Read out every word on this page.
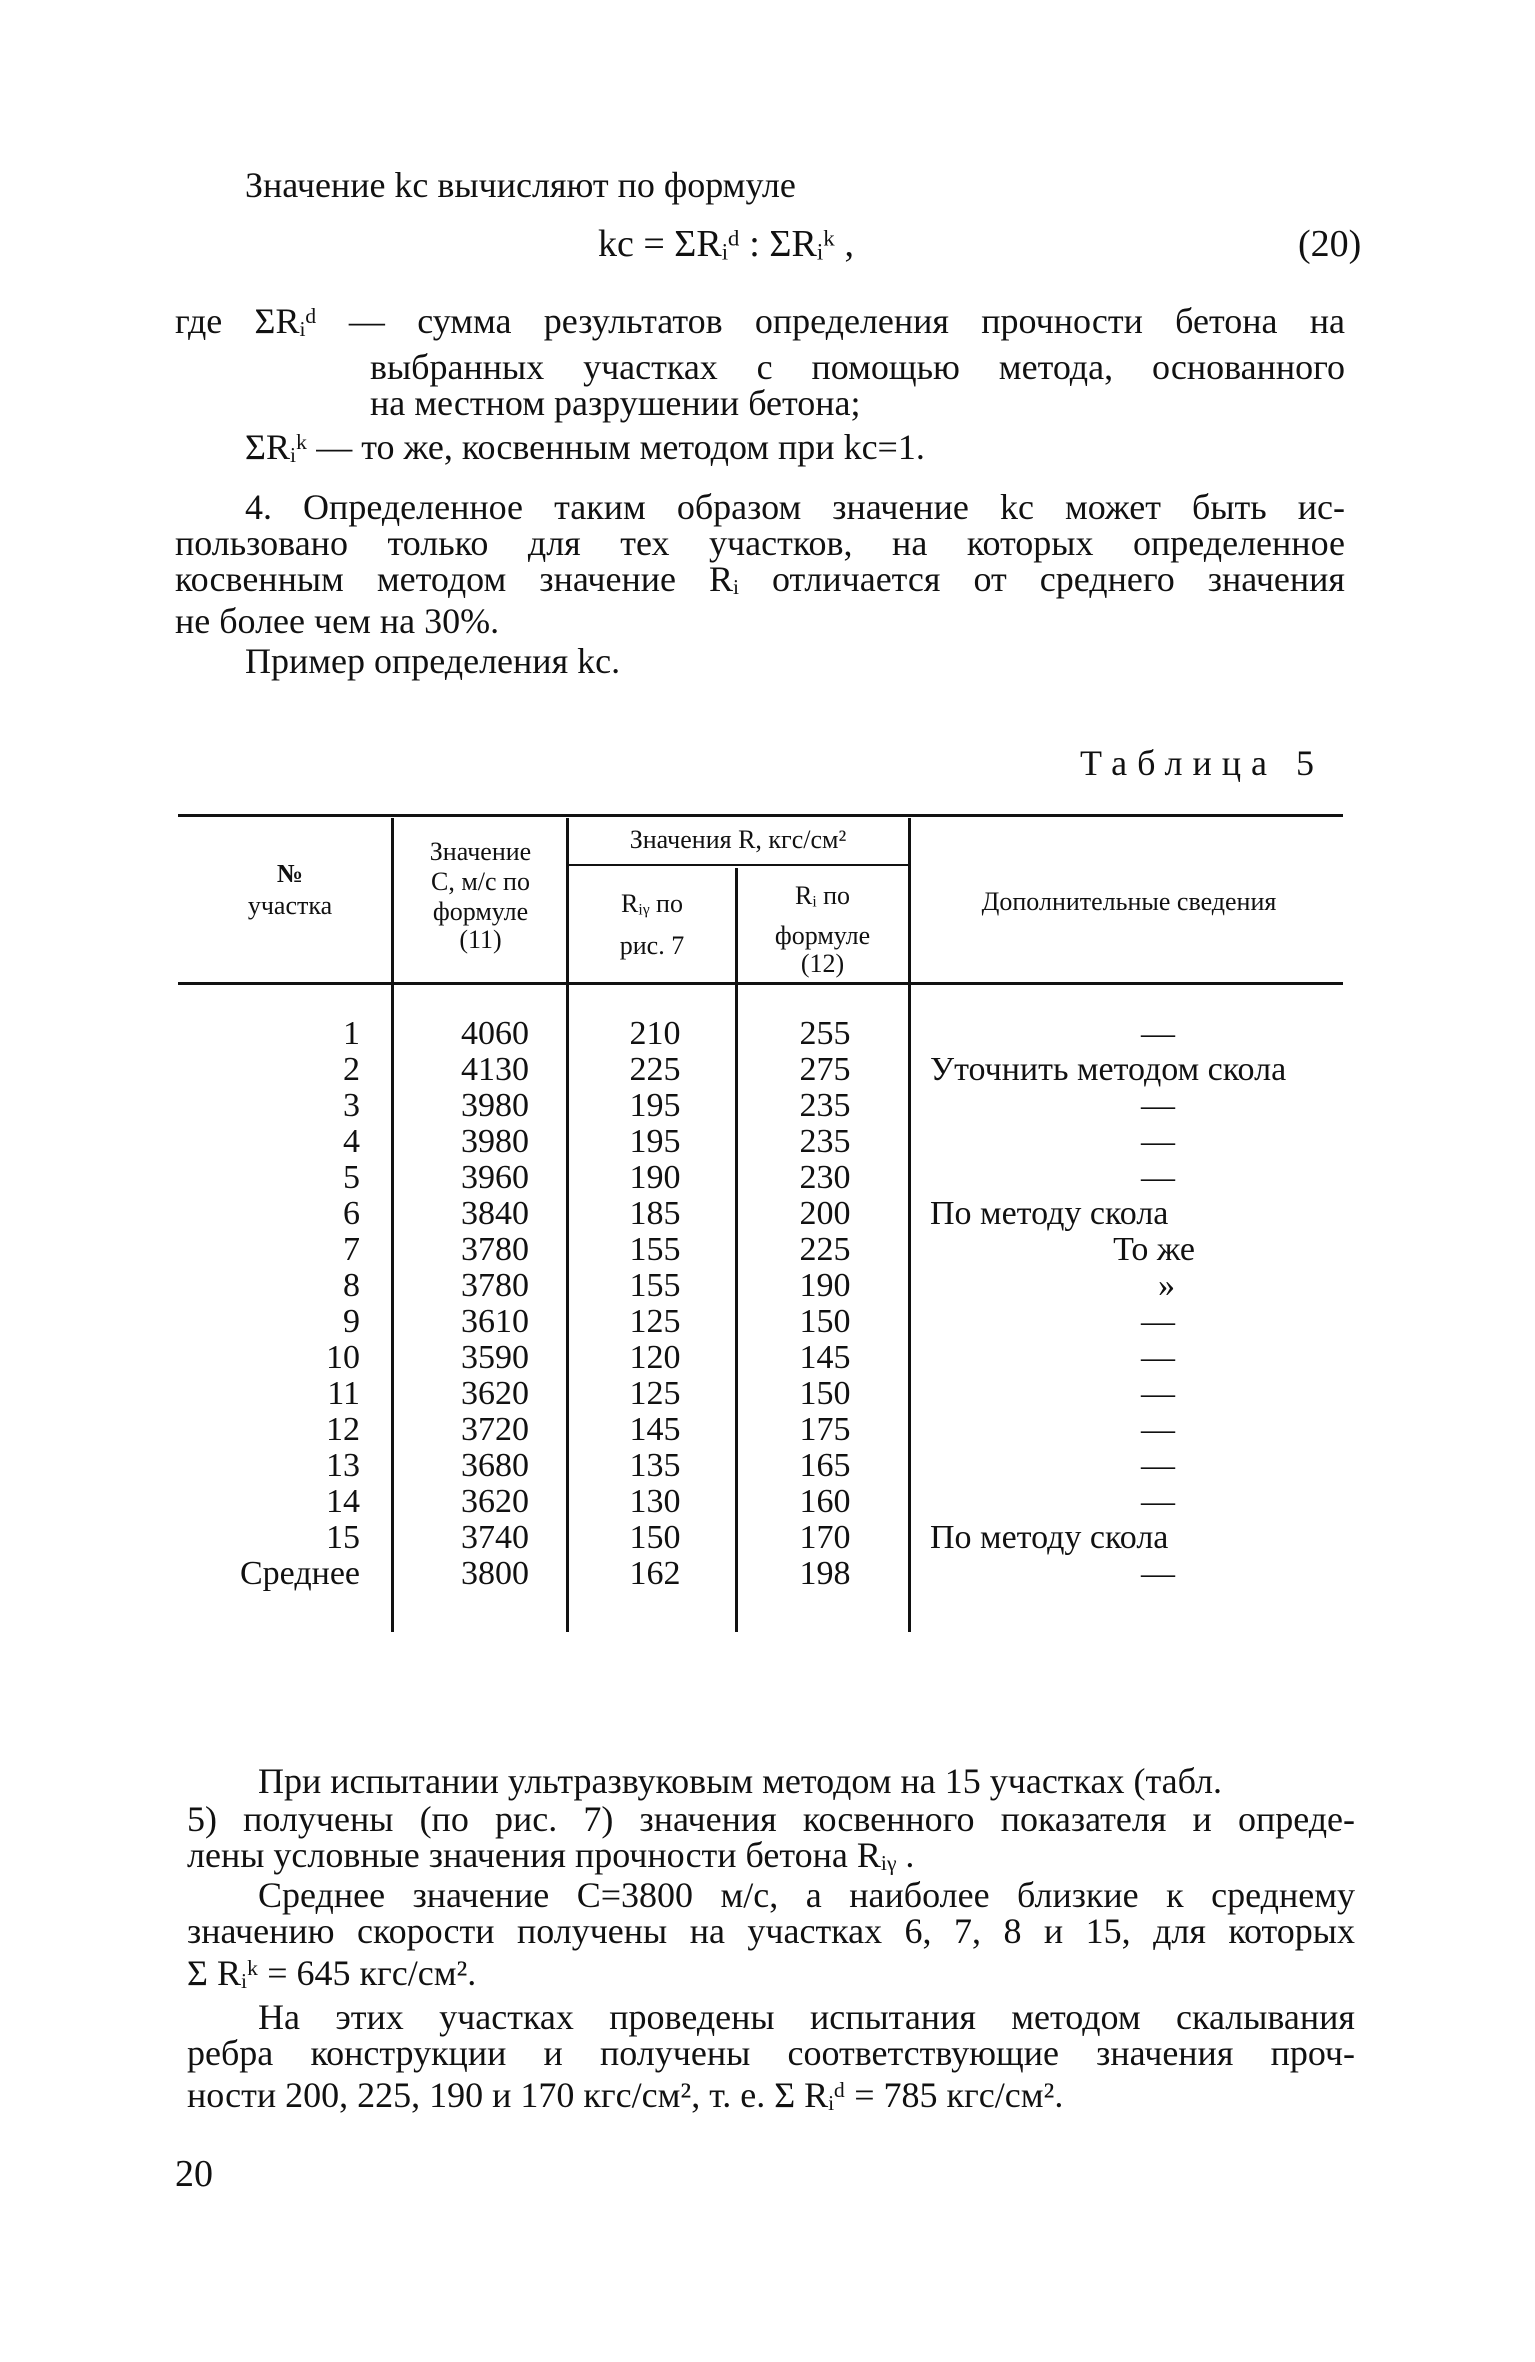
Значение kс вычисляют по формуле
kс = ΣRᵢᵈ : ΣRᵢᵏ ,	(20)
где ΣRᵢᵈ — сумма результатов определения прочности бетона на
выбранных участках с помощью метода, основанного
на местном разрушении бетона;
ΣRᵢᵏ — то же, косвенным методом при kс=1.
4. Определенное таким образом значение kс может быть ис-
пользовано только для тех участков, на которых определенное
косвенным методом значение Rᵢ отличается от среднего значения
не более чем на 30%.
Пример определения kс.
Таблица 5
№
участка
Значение
C, м/с по
формуле
(11)
Значения R, кгс/см²
Rᵢᵧ по
рис. 7
Rᵢ по
формуле
(12)
Дополнительные сведения
1
2
3
4
5
6
7
8
9
10
11
12
13
14
15
Среднее
4060
4130
3980
3980
3960
3840
3780
3780
3610
3590
3620
3720
3680
3620
3740
3800
210
225
195
195
190
185
155
155
125
120
125
145
135
130
150
162
255
275
235
235
230
200
225
190
150
145
150
175
165
160
170
198
—
Уточнить методом скола
—
—
—
По методу скола
То же
»
—
—
—
—
—
—
По методу скола
—
При испытании ультразвуковым методом на 15 участках (табл.
5) получены (по рис. 7) значения косвенного показателя и опреде-
лены условные значения прочности бетона Rᵢᵧ .
Среднее значение C=3800 м/с, а наиболее близкие к среднему
значению скорости получены на участках 6, 7, 8 и 15, для которых
Σ Rᵢᵏ = 645 кгс/см².
На этих участках проведены испытания методом скалывания
ребра конструкции и получены соответствующие значения проч-
ности 200, 225, 190 и 170 кгс/см², т. е. Σ Rᵢᵈ = 785 кгс/см².
20
